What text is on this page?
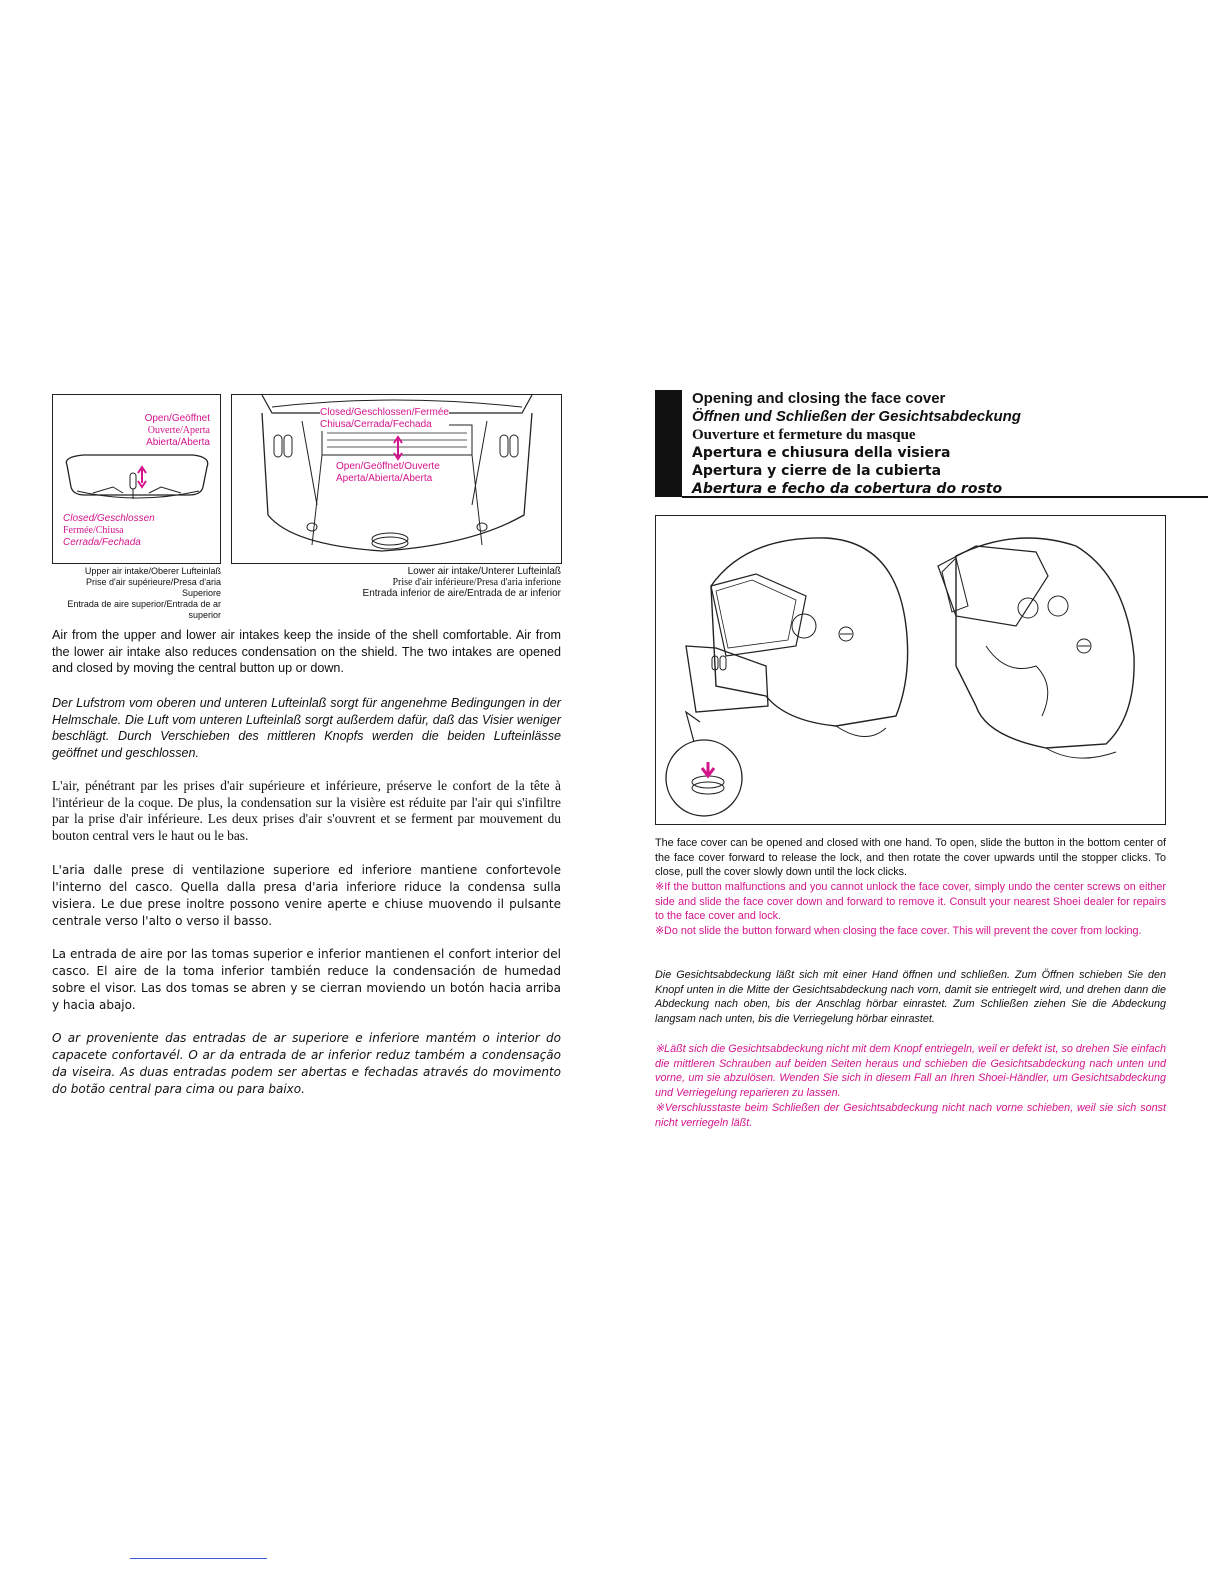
Open/Geöffnet
Ouverte/Aperta
Abierta/Aberta
Closed/Geschlossen
Fermée/Chiusa
Cerrada/Fechada
Upper air intake/Oberer Lufteinlaß
Prise d'air supérieure/Presa d'aria Superiore
Entrada de aire superior/Entrada de ar superior
Closed/Geschlossen/Fermée
Chiusa/Cerrada/Fechada
Open/Geöffnet/Ouverte
Aperta/Abierta/Aberta
Lower air intake/Unterer Lufteinlaß
Prise d'air inférieure/Presa d'aria inferione
Entrada inferior de aire/Entrada de ar inferior

Air from the upper and lower air intakes keep the inside of the shell comfortable. Air from the lower air intake also reduces condensation on the shield. The two intakes are opened and closed by moving the central button up or down.

Der Lufstrom vom oberen und unteren Lufteinlaß sorgt für angenehme Bedingungen in der Helmschale. Die Luft vom unteren Lufteinlaß sorgt außerdem dafür, daß das Visier weniger beschlägt. Durch Verschieben des mittleren Knopfs werden die beiden Lufteinlässe geöffnet und geschlossen.

L'air, pénétrant par les prises d'air supérieure et inférieure, préserve le confort de la tête à l'intérieur de la coque. De plus, la condensation sur la visière est réduite par l'air qui s'infiltre par la prise d'air inférieure. Les deux prises d'air s'ouvrent et se ferment par mouvement du bouton central vers le haut ou le bas.

L'aria dalle prese di ventilazione superiore ed inferiore mantiene confortevole l'interno del casco. Quella dalla presa d'aria inferiore riduce la condensa sulla visiera. Le due prese inoltre possono venire aperte e chiuse muovendo il pulsante centrale verso l'alto o verso il basso.

La entrada de aire por las tomas superior e inferior mantienen el confort interior del casco. El aire de la toma inferior también reduce la condensación de humedad sobre el visor. Las dos tomas se abren y se cierran moviendo un botón hacia arriba y hacia abajo.

O ar proveniente das entradas de ar superiore e inferiore mantém o interior do capacete confortavél. O ar da entrada de ar inferior reduz também a condensação da viseira. As duas entradas podem ser abertas e fechadas através do movimento do botão central para cima ou para baixo.

Opening and closing the face cover
Öffnen und Schließen der Gesichtsabdeckung
Ouverture et fermeture du masque
Apertura e chiusura della visiera
Apertura y cierre de la cubierta
Abertura e fecho da cobertura do rosto

The face cover can be opened and closed with one hand. To open, slide the button in the bottom center of the face cover forward to release the lock, and then rotate the cover upwards until the stopper clicks. To close, pull the cover slowly down until the lock clicks.

※If the button malfunctions and you cannot unlock the face cover, simply undo the center screws on either side and slide the face cover down and forward to remove it. Consult your nearest Shoei dealer for repairs to the face cover and lock.

※Do not slide the button forward when closing the face cover. This will prevent the cover from locking.

Die Gesichtsabdeckung läßt sich mit einer Hand öffnen und schließen. Zum Öffnen schieben Sie den Knopf unten in die Mitte der Gesichtsabdeckung nach vorn, damit sie entriegelt wird, und drehen dann die Abdeckung nach oben, bis der Anschlag hörbar einrastet. Zum Schließen ziehen Sie die Abdeckung langsam nach unten, bis die Verriegelung hörbar einrastet.

※Läßt sich die Gesichtsabdeckung nicht mit dem Knopf entriegeln, weil er defekt ist, so drehen Sie einfach die mittleren Schrauben auf beiden Seiten heraus und schieben die Gesichtsabdeckung nach unten und vorne, um sie abzulösen. Wenden Sie sich in diesem Fall an Ihren Shoei-Händler, um Gesichtsabdeckung und Verriegelung reparieren zu lassen.

※Verschlusstaste beim Schließen der Gesichtsabdeckung nicht nach vorne schieben, weil sie sich sonst nicht verriegeln läßt.
